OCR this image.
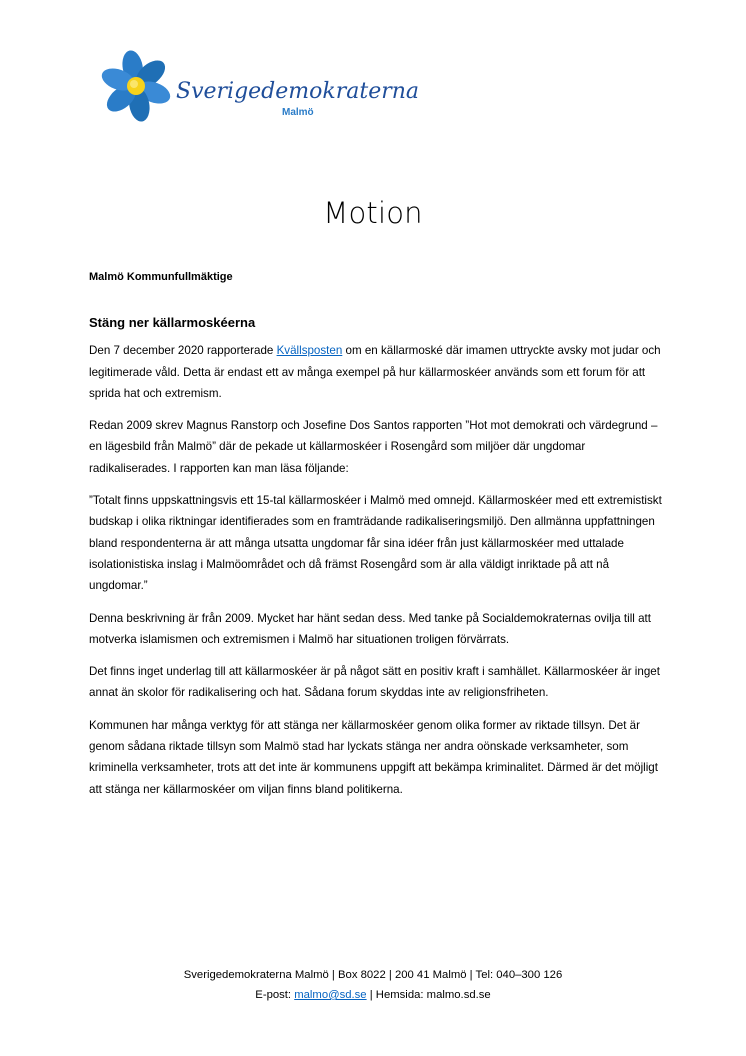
Sverigedemokraterna
Malmö
Motion
Malmö Kommunfullmäktige
Stäng ner källarmoskéerna

Den 7 december 2020 rapporterade Kvällsposten om en källarmoské där imamen uttryckte avsky mot judar och legitimerade våld. Detta är endast ett av många exempel på hur källarmoskéer används som ett forum för att sprida hat och extremism.

Redan 2009 skrev Magnus Ranstorp och Josefine Dos Santos rapporten ”Hot mot demokrati och värdegrund – en lägesbild från Malmö” där de pekade ut källarmoskéer i Rosengård som miljöer där ungdomar radikaliserades. I rapporten kan man läsa följande:

”Totalt finns uppskattningsvis ett 15-tal källarmoskéer i Malmö med omnejd. Källarmoskéer med ett extremistiskt budskap i olika riktningar identifierades som en framträdande radikaliseringsmiljö. Den allmänna uppfattningen bland respondenterna är att många utsatta ungdomar får sina idéer från just källarmoskéer med uttalade isolationistiska inslag i Malmöområdet och då främst Rosengård som är alla väldigt inriktade på att nå ungdomar.”

Denna beskrivning är från 2009. Mycket har hänt sedan dess. Med tanke på Socialdemokraternas ovilja till att motverka islamismen och extremismen i Malmö har situationen troligen förvärrats.

Det finns inget underlag till att källarmoskéer är på något sätt en positiv kraft i samhället. Källarmoskéer är inget annat än skolor för radikalisering och hat. Sådana forum skyddas inte av religionsfriheten.

Kommunen har många verktyg för att stänga ner källarmoskéer genom olika former av riktade tillsyn. Det är genom sådana riktade tillsyn som Malmö stad har lyckats stänga ner andra oönskade verksamheter, som kriminella verksamheter, trots att det inte är kommunens uppgift att bekämpa kriminalitet. Därmed är det möjligt att stänga ner källarmoskéer om viljan finns bland politikerna.

Sverigedemokraterna Malmö | Box 8022 | 200 41 Malmö | Tel: 040–300 126
E-post: malmo@sd.se | Hemsida: malmo.sd.se
